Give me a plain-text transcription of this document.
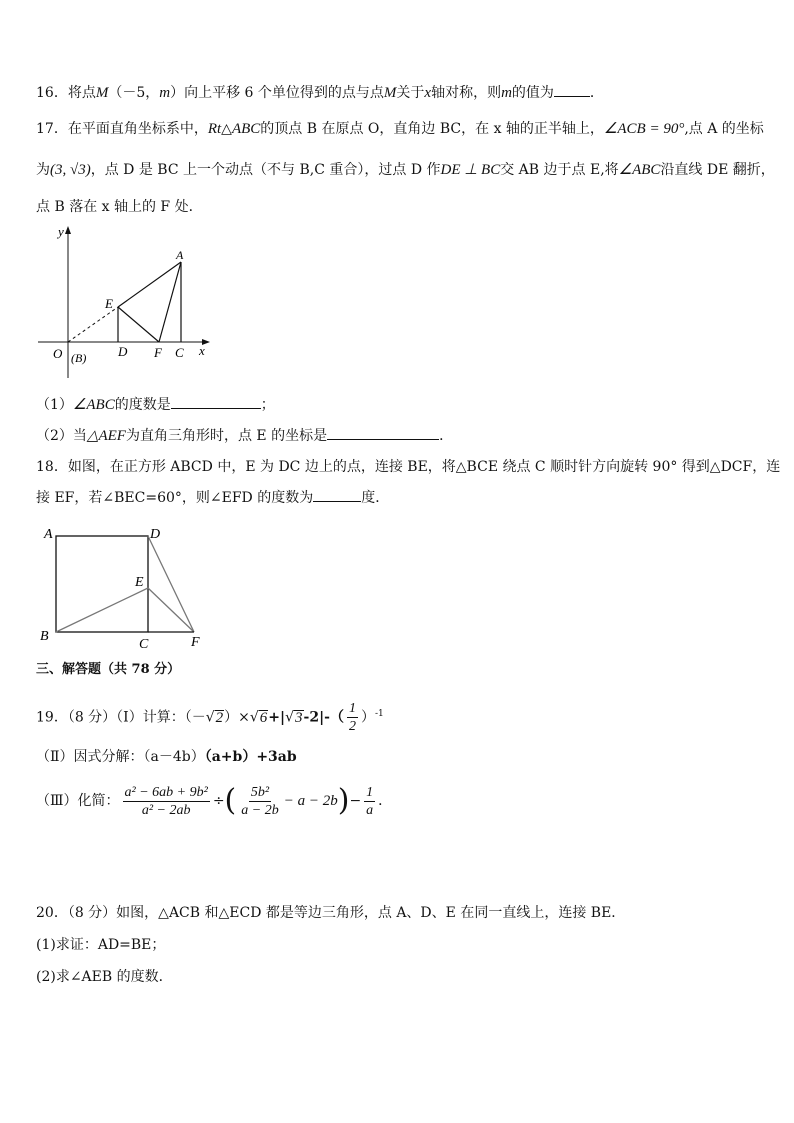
16．将点M（－5，m）向上平移 6 个单位得到的点与点M关于x轴对称，则m的值为	．
17．在平面直角坐标系中，Rt△ABC的顶点 B 在原点 O，直角边 BC，在 x 轴的正半轴上，∠ACB = 90°,点 A 的坐标
为(3, √3)，点 D 是 BC 上一个动点（不与 B,C 重合），过点 D 作DE ⊥ BC交 AB 边于点 E,将∠ABC沿直线 DE 翻折，
点 B 落在 x 轴上的 F 处．
y
A
E
O (B) D F C x
（1）∠ABC的度数是	；
（2）当△AEF为直角三角形时，点 E 的坐标是	．
18．如图，在正方形 ABCD 中，E 为 DC 边上的点，连接 BE，将△BCE 绕点 C 顺时针方向旋转 90° 得到△DCF，连
接 EF，若∠BEC=60°，则∠EFD 的度数为	度．
A	D
E
B
C	F
三、解答题（共 78 分）
19．（8 分）（Ⅰ）计算：$(-√2)\times√6+|√3-2|-( \frac{1}{2} )^{-1}$
（Ⅱ）因式分解：（a－4b）（a+b）+3ab
（Ⅲ）化简： $\frac{\text{a² − 6ab + 9b²}}{\text{a² − 2ab}}$ ÷( $\frac{\text{5b²}}{a - 2b} - a - 2b)- \frac{1}{a}$ ．
20．（8 分）如图，△ACB 和△ECD 都是等边三角形，点 A、D、E 在同一直线上，连接 BE．
(1)求证：AD=BE；
(2)求∠AEB 的度数．
